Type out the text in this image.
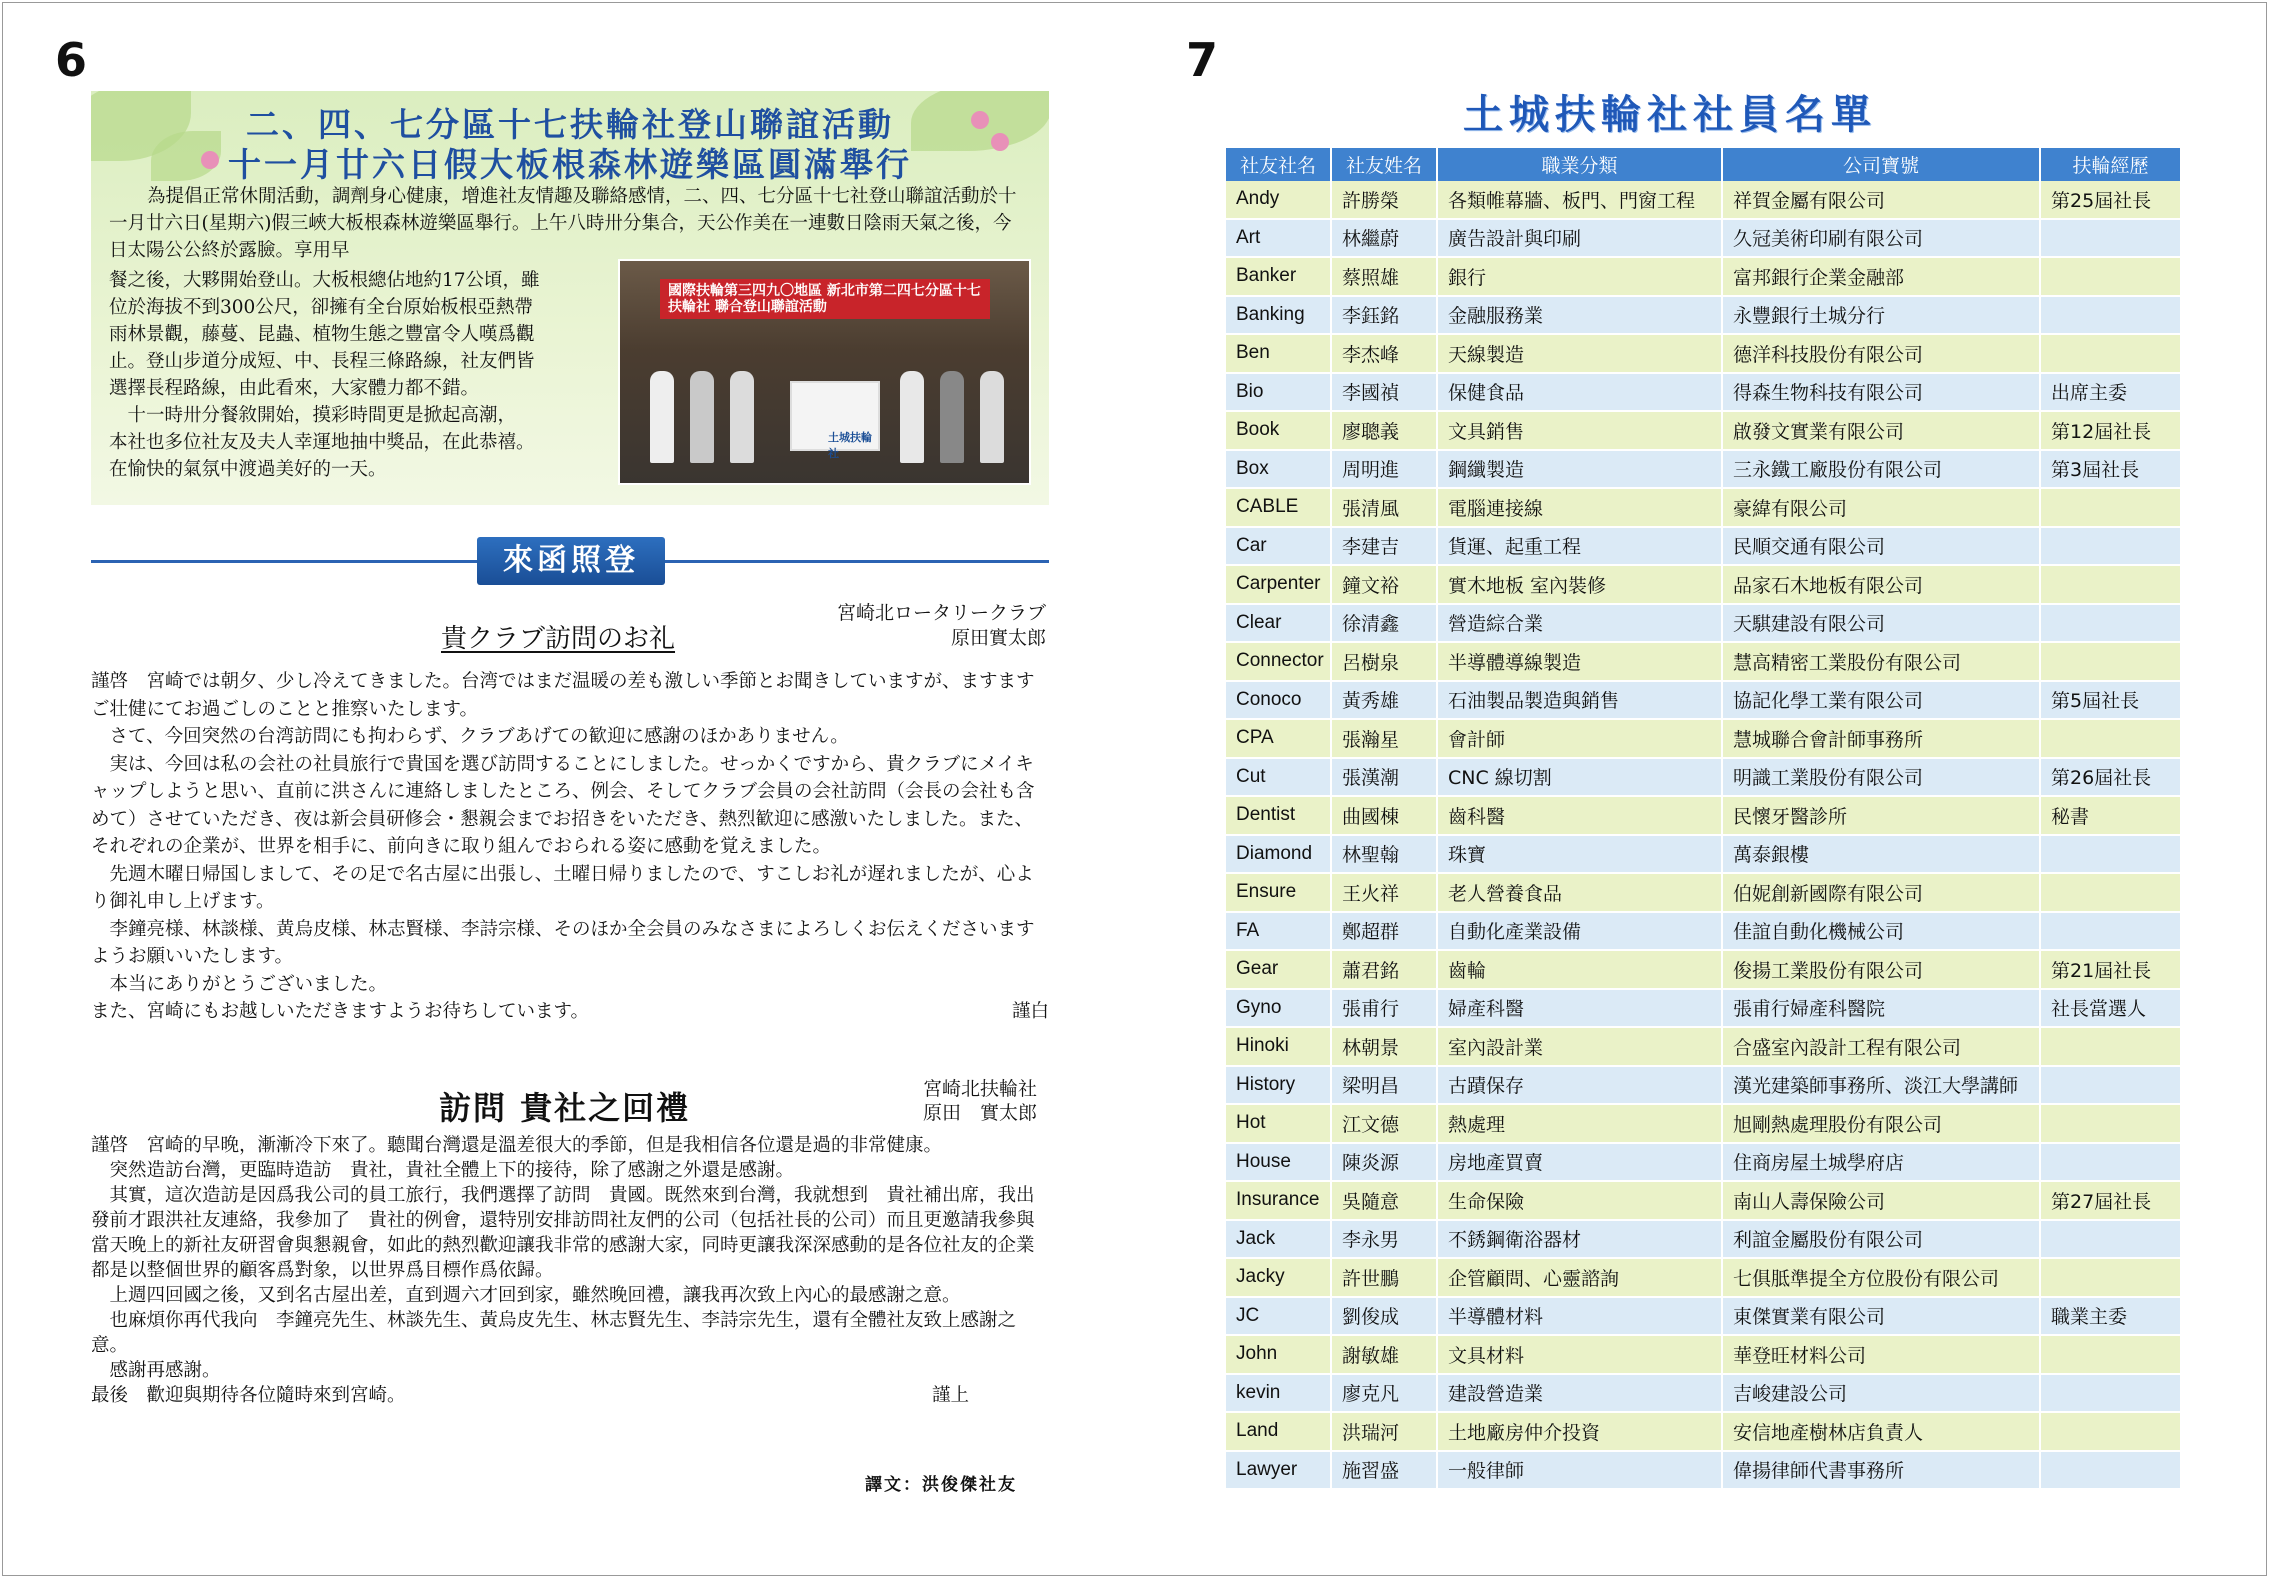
6
二、四、七分區十七扶輪社登山聯誼活動
十一月廿六日假大板根森林遊樂區圓滿舉行
為提倡正常休閒活動，調劑身心健康，增進社友情趣及聯絡感情，二、四、七分區十七社登山聯誼活動於十一月廿六日(星期六)假三峽大板根森林遊樂區舉行。上午八時卅分集合，天公作美在一連數日陰雨天氣之後，今日太陽公公終於露臉。享用早
餐之後，大夥開始登山。大板根總佔地約17公頃，雖
位於海拔不到300公尺，卻擁有全台原始板根亞熱帶
雨林景觀，藤蔓、昆蟲、植物生態之豐富令人嘆爲觀
止。登山步道分成短、中、長程三條路線，社友們皆
選擇長程路線，由此看來，大家體力都不錯。
　十一時卅分餐敘開始，摸彩時間更是掀起高潮，
本社也多位社友及夫人幸運地抽中獎品，在此恭禧。
在愉快的氣氛中渡過美好的一天。
國際扶輪第三四九〇地區 新北市第二四七分區十七扶輪社 聯合登山聯誼活動
土城扶輪社
來函照登
宮崎北ロータリークラブ
原田實太郎
貴クラブ訪問のお礼

謹啓　宮崎では朝夕、少し冷えてきました。台湾ではまだ温暖の差も激しい季節とお聞きしていますが、ますますご壮健にてお過ごしのことと推察いたします。

　さて、今回突然の台湾訪問にも拘わらず、クラブあげての歓迎に感謝のほかありません。

　実は、今回は私の会社の社員旅行で貴国を選び訪問することにしました。せっかくですから、貴クラブにメイキャップしようと思い、直前に洪さんに連絡しましたところ、例会、そしてクラブ会員の会社訪問（会長の会社も含めて）させていただき、夜は新会員研修会・懇親会までお招きをいただき、熱烈歓迎に感激いたしました。また、それぞれの企業が、世界を相手に、前向きに取り組んでおられる姿に感動を覚えました。

　先週木曜日帰国しまして、その足で名古屋に出張し、土曜日帰りましたので、すこしお礼が遅れましたが、心より御礼申し上げます。

　李鐘亮様、林談様、黄烏皮様、林志賢様、李詩宗様、そのほか全会員のみなさまによろしくお伝えくださいますようお願いいたします。

　本当にありがとうございました。

また、宮崎にもお越しいただきますようお待ちしています。	謹白

訪問 貴社之回禮	宮崎北扶輪社
原田　實太郎

謹啓　宮崎的早晚，漸漸冷下來了。聽聞台灣還是溫差很大的季節，但是我相信各位還是過的非常健康。

　突然造訪台灣，更臨時造訪　貴社，貴社全體上下的接待，除了感謝之外還是感謝。

　其實，這次造訪是因爲我公司的員工旅行，我們選擇了訪問　貴國。既然來到台灣，我就想到　貴社補出席，我出發前才跟洪社友連絡，我參加了　貴社的例會，還特別安排訪問社友們的公司（包括社長的公司）而且更邀請我參與當天晚上的新社友研習會與懇親會，如此的熱烈歡迎讓我非常的感謝大家，同時更讓我深深感動的是各位社友的企業都是以整個世界的顧客爲對象，以世界爲目標作爲依歸。

　上週四回國之後，又到名古屋出差，直到週六才回到家，雖然晚回禮，讓我再次致上內心的最感謝之意。

　也麻煩你再代我向　李鐘亮先生、林談先生、黃烏皮先生、林志賢先生、李詩宗先生，還有全體社友致上感謝之意。

　感謝再感謝。

最後　歡迎與期待各位隨時來到宮崎。	謹上

譯文：洪俊傑社友
7
土城扶輪社社員名單
社友社名	社友姓名	職業分類	公司寶號	扶輪經歷
Andy	許勝榮	各類帷幕牆、板門、門窗工程	祥賀金屬有限公司	第25屆社長
Art	林繼蔚	廣告設計與印刷	久冠美術印刷有限公司	
Banker	蔡照雄	銀行	富邦銀行企業金融部	
Banking	李鈺銘	金融服務業	永豐銀行土城分行	
Ben	李杰峰	天線製造	德洋科技股份有限公司	
Bio	李國禎	保健食品	得森生物科技有限公司	出席主委
Book	廖聰義	文具銷售	啟發文實業有限公司	第12屆社長
Box	周明進	鋼纖製造	三永鐵工廠股份有限公司	第3屆社長
CABLE	張清風	電腦連接線	豪緯有限公司	
Car	李建吉	貨運、起重工程	民順交通有限公司	
Carpenter	鐘文裕	實木地板 室內裝修	品家石木地板有限公司	
Clear	徐清鑫	營造綜合業	天騏建設有限公司	
Connector	呂樹泉	半導體導線製造	慧高精密工業股份有限公司	
Conoco	黃秀雄	石油製品製造與銷售	協記化學工業有限公司	第5屆社長
CPA	張瀚星	會計師	慧城聯合會計師事務所	
Cut	張漢潮	CNC 線切割	明識工業股份有限公司	第26屆社長
Dentist	曲國棟	齒科醫	民懷牙醫診所	秘書
Diamond	林聖翰	珠寶	萬泰銀樓	
Ensure	王火祥	老人營養食品	伯妮創新國際有限公司	
FA	鄭超群	自動化產業設備	佳誼自動化機械公司	
Gear	蕭君銘	齒輪	俊揚工業股份有限公司	第21屆社長
Gyno	張甫行	婦產科醫	張甫行婦產科醫院	社長當選人
Hinoki	林朝景	室內設計業	合盛室內設計工程有限公司	
History	梁明昌	古蹟保存	漢光建築師事務所、淡江大學講師	
Hot	江文德	熱處理	旭剛熱處理股份有限公司	
House	陳炎源	房地產買賣	住商房屋土城學府店	
Insurance	吳隨意	生命保險	南山人壽保險公司	第27屆社長
Jack	李永男	不銹鋼衛浴器材	利誼金屬股份有限公司	
Jacky	許世鵬	企管顧問、心靈諮詢	七俱胝準提全方位股份有限公司	
JC	劉俊成	半導體材料	東傑實業有限公司	職業主委
John	謝敏雄	文具材料	華登旺材料公司	
kevin	廖克凡	建設營造業	吉峻建設公司	
Land	洪瑞河	土地廠房仲介投資	安信地產樹林店負責人	
Lawyer	施習盛	一般律師	偉揚律師代書事務所	
